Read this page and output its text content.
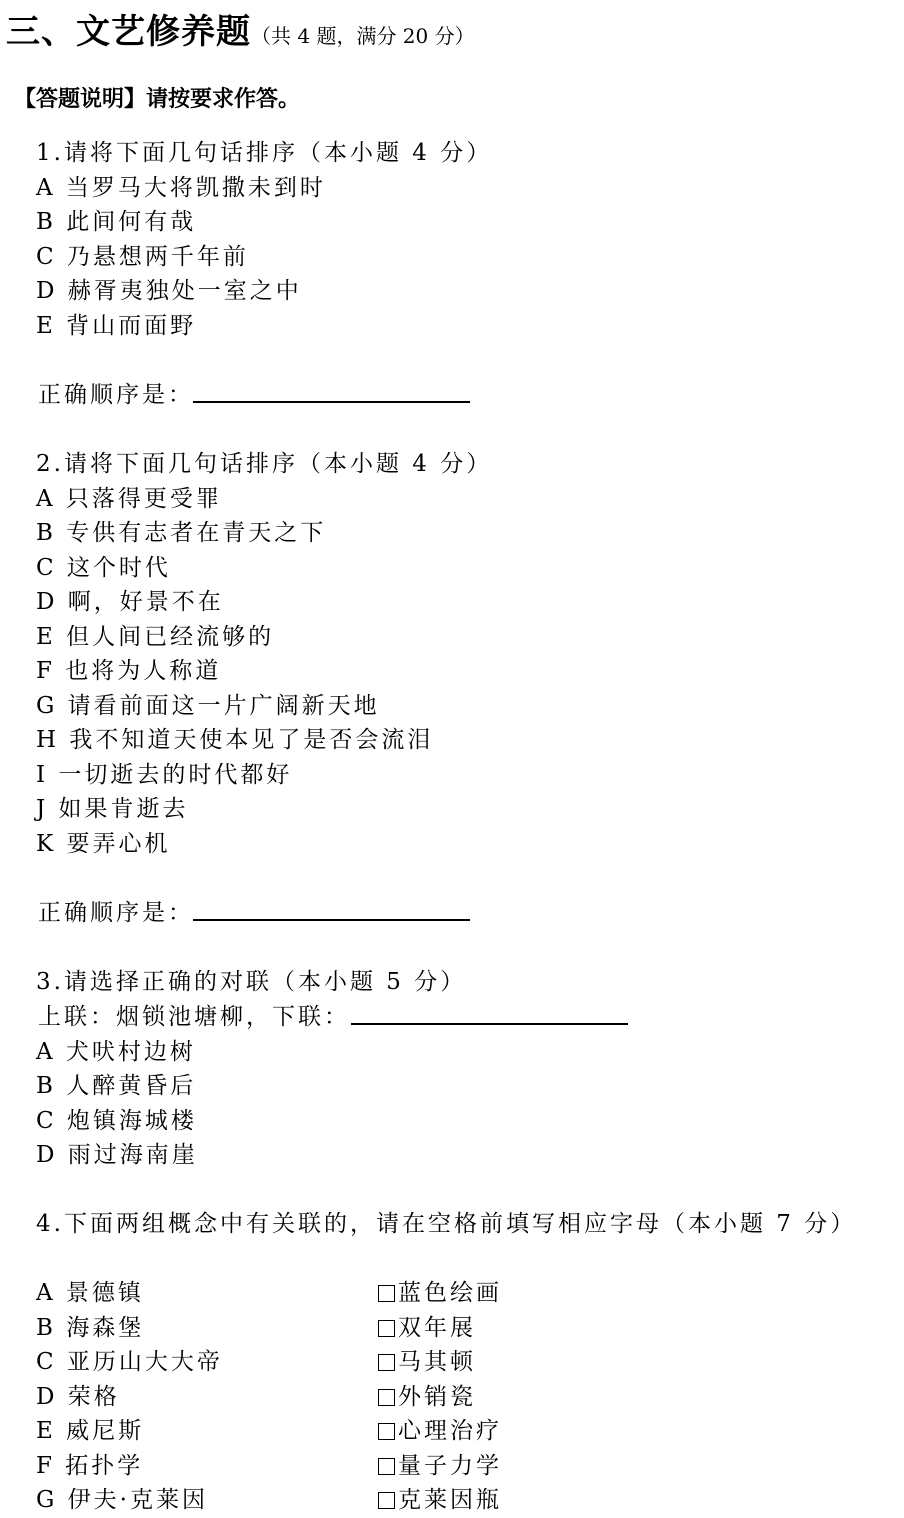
三、文艺修养题（共 4 题，满分 20 分）
【答题说明】请按要求作答。
1.请将下面几句话排序（本小题 4 分）
A 当罗马大将凯撒未到时
B 此间何有哉
C 乃悬想两千年前
D 赫胥夷独处一室之中
E 背山而面野
正确顺序是：
2.请将下面几句话排序（本小题 4 分）
A 只落得更受罪
B 专供有志者在青天之下
C 这个时代
D 啊，好景不在
E 但人间已经流够的
F 也将为人称道
G 请看前面这一片广阔新天地
H 我不知道天使本见了是否会流泪
I 一切逝去的时代都好
J 如果肯逝去
K 要弄心机
正确顺序是：
3.请选择正确的对联（本小题 5 分）
上联：烟锁池塘柳，下联：
A 犬吠村边树
B 人醉黄昏后
C 炮镇海城楼
D 雨过海南崖
4.下面两组概念中有关联的，请在空格前填写相应字母（本小题 7 分）
A 景德镇
B 海森堡
C 亚历山大大帝
D 荣格
E 威尼斯
F 拓扑学
G 伊夫·克莱因
蓝色绘画
双年展
马其顿
外销瓷
心理治疗
量子力学
克莱因瓶
